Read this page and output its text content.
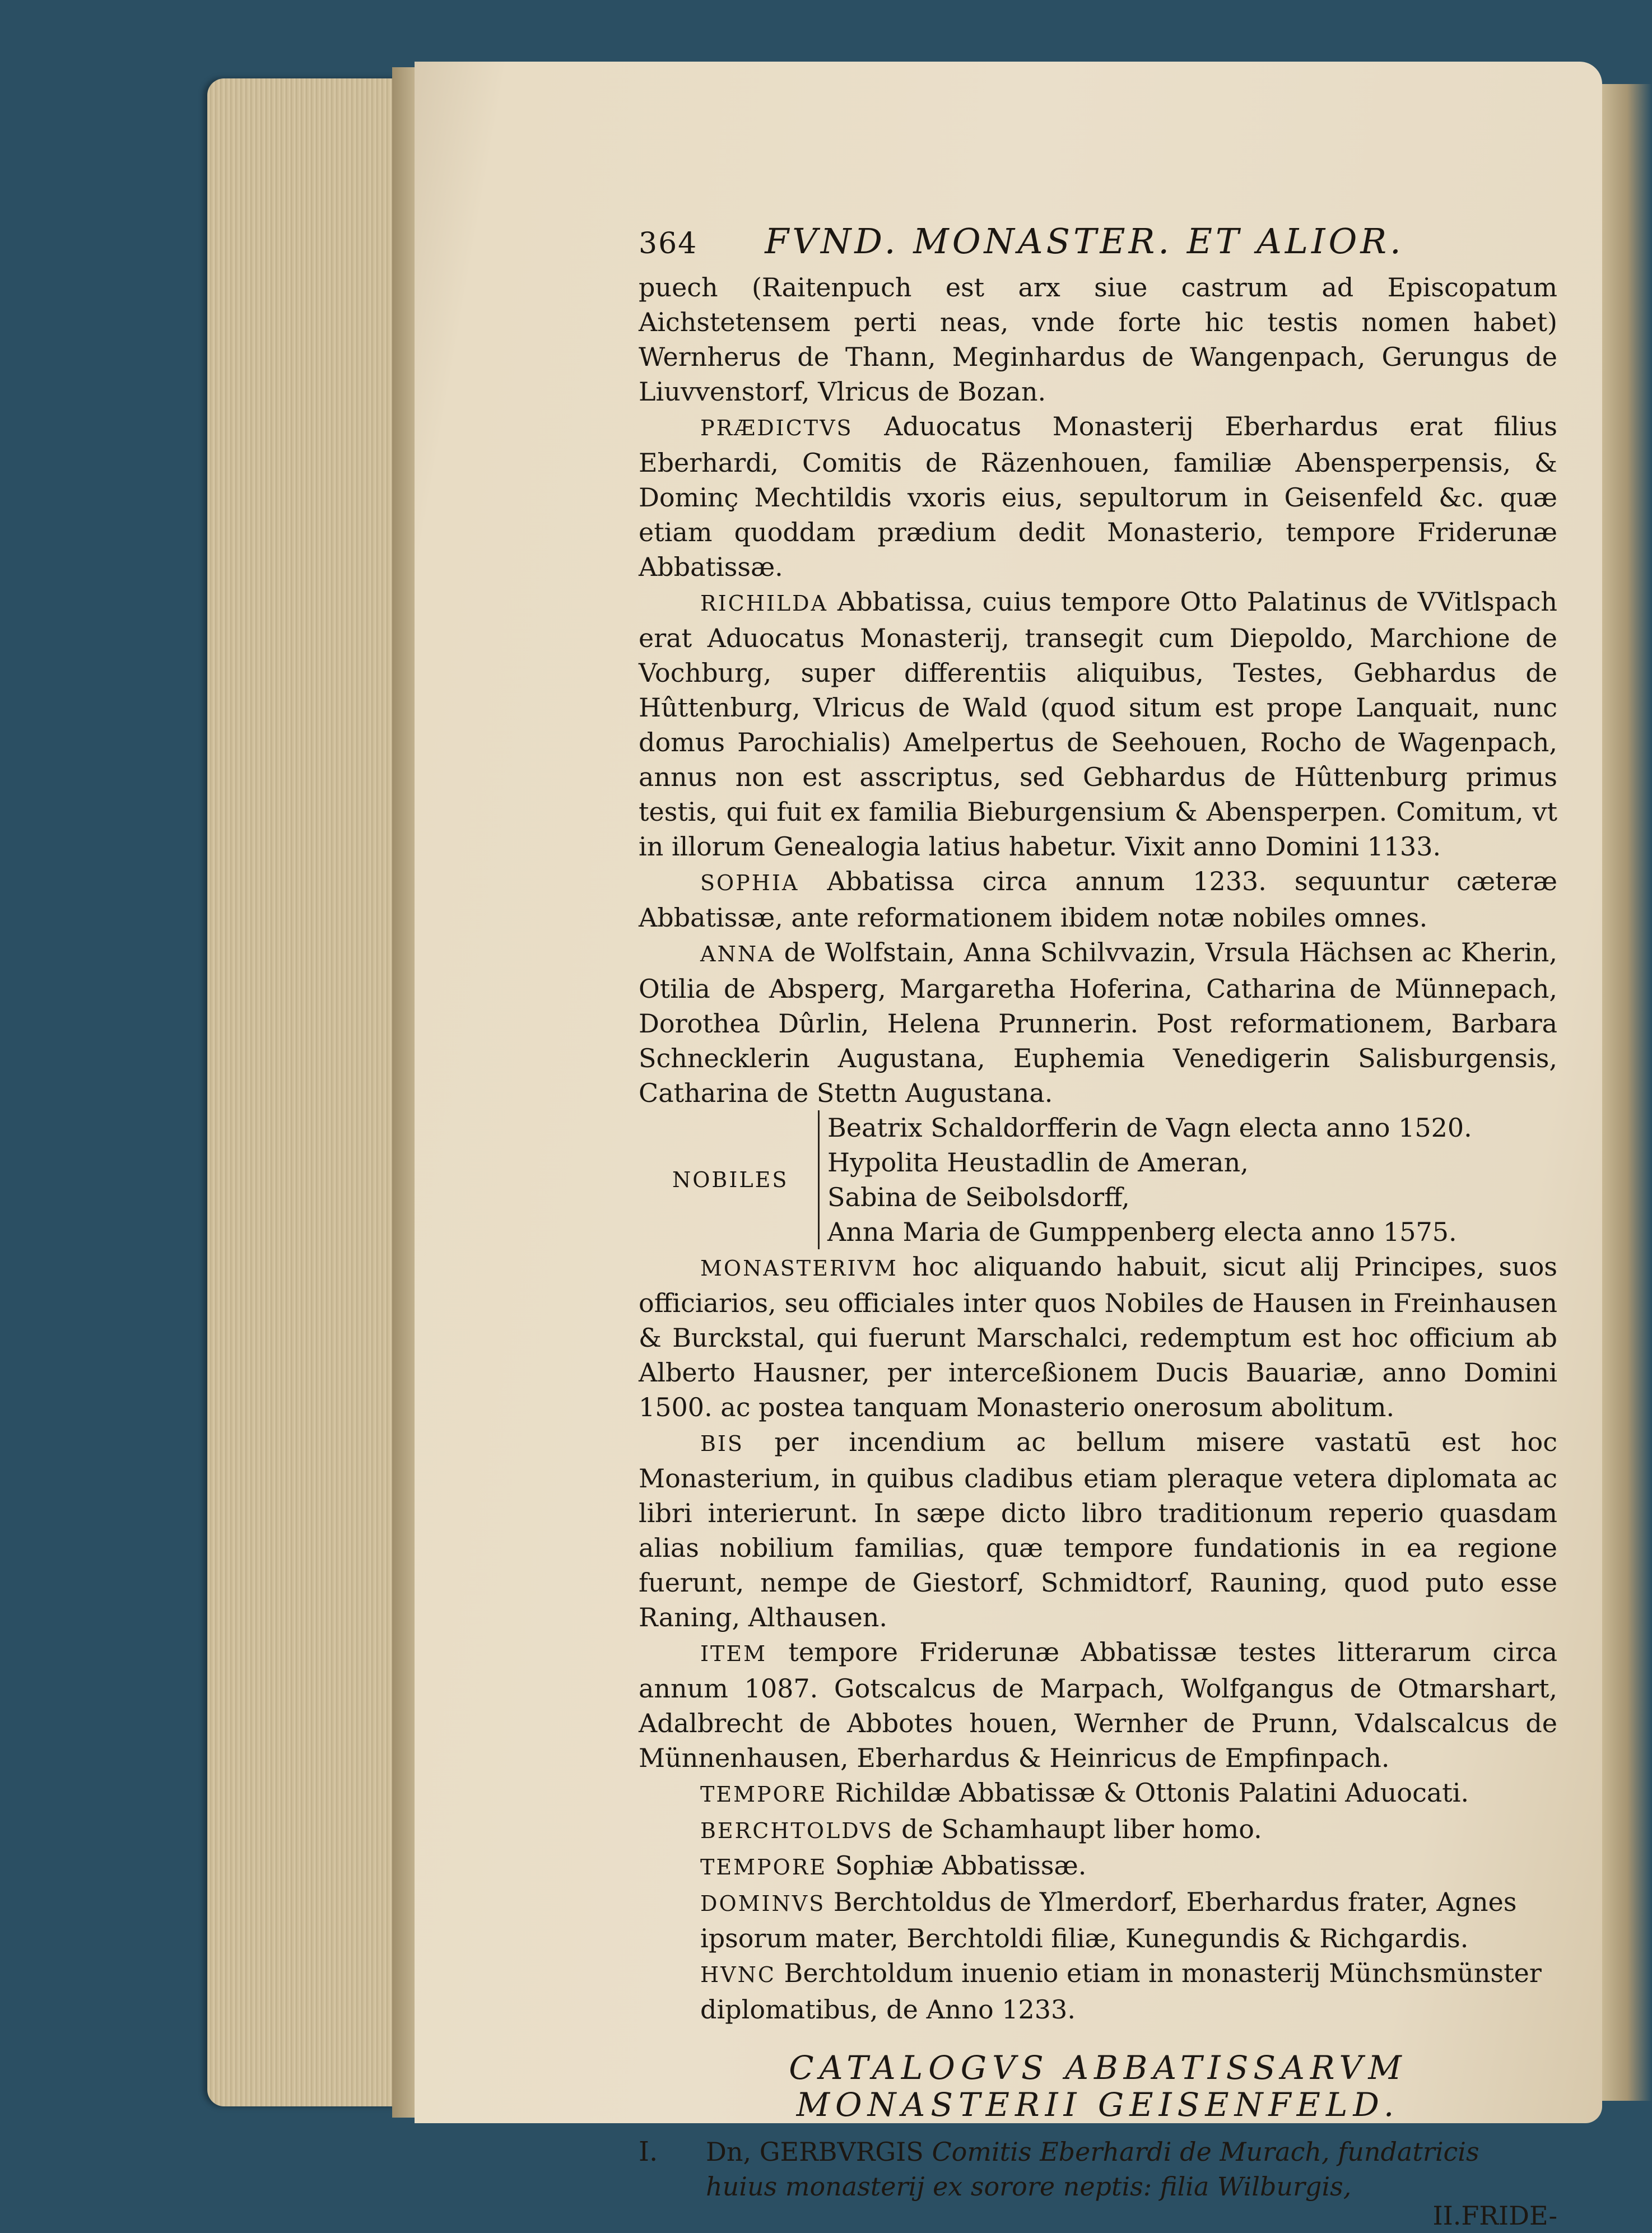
364 FVND. MONASTER. ET ALIOR.

puech (Raitenpuch est arx siue castrum ad Episcopatum Aichstetensem perti neas, vnde forte hic testis nomen habet) Wernherus de Thann, Meginhardus de Wangenpach, Gerungus de Liuvvenstorf, Vlricus de Bozan.

PRÆDICTVS Aduocatus Monasterij Eberhardus erat filius Eberhardi, Comitis de Räzenhouen, familiæ Abensperpensis, & Dominç Mechtildis vxoris eius, sepultorum in Geisenfeld &c. quæ etiam quoddam prædium dedit Monasterio, tempore Friderunæ Abbatissæ.

RICHILDA Abbatissa, cuius tempore Otto Palatinus de VVitlspach erat Aduocatus Monasterij, transegit cum Diepoldo, Marchione de Vochburg, super differentiis aliquibus, Testes, Gebhardus de Hûttenburg, Vlricus de Wald (quod situm est prope Lanquait, nunc domus Parochialis) Amelpertus de Seehouen, Rocho de Wagenpach, annus non est asscriptus, sed Gebhardus de Hûttenburg primus testis, qui fuit ex familia Bieburgensium & Abensperpen. Comitum, vt in illorum Genealogia latius habetur. Vixit anno Domini 1133.

SOPHIA Abbatissa circa annum 1233. sequuntur cæteræ Abbatissæ, ante reformationem ibidem notæ nobiles omnes.

ANNA de Wolfstain, Anna Schilvvazin, Vrsula Hächsen ac Kherin, Otilia de Absperg, Margaretha Hoferina, Catharina de Münnepach, Dorothea Dûrlin, Helena Prunnerin. Post reformationem, Barbara Schnecklerin Augustana, Euphemia Venedigerin Salisburgensis, Catharina de Stettn Augustana.

NOBILES
Beatrix Schaldorfferin de Vagn electa anno 1520.
Hypolita Heustadlin de Ameran,
Sabina de Seibolsdorff,
Anna Maria de Gumppenberg electa anno 1575.

MONASTERIVM hoc aliquando habuit, sicut alij Principes, suos officiarios, seu officiales inter quos Nobiles de Hausen in Freinhausen & Burckstal, qui fuerunt Marschalci, redemptum est hoc officium ab Alberto Hausner, per interceßionem Ducis Bauariæ, anno Domini 1500. ac postea tanquam Monasterio onerosum abolitum.

BIS per incendium ac bellum misere vastatū est hoc Monasterium, in quibus cladibus etiam pleraque vetera diplomata ac libri interierunt. In sæpe dicto libro traditionum reperio quasdam alias nobilium familias, quæ tempore fundationis in ea regione fuerunt, nempe de Giestorf, Schmidtorf, Rauning, quod puto esse Raning, Althausen.

ITEM tempore Friderunæ Abbatissæ testes litterarum circa annum 1087. Gotscalcus de Marpach, Wolfgangus de Otmarshart, Adalbrecht de Abbotes houen, Wernher de Prunn, Vdalscalcus de Münnenhausen, Eberhardus & Heinricus de Empfinpach.

TEMPORE Richildæ Abbatissæ & Ottonis Palatini Aduocati.
BERCHTOLDVS de Schamhaupt liber homo.
TEMPORE Sophiæ Abbatissæ.
DOMINVS Berchtoldus de Ylmerdorf, Eberhardus frater, Agnes ipsorum mater, Berchtoldi filiæ, Kunegundis & Richgardis.
HVNC Berchtoldum inuenio etiam in monasterij Münchsmünster diplomatibus, de Anno 1233.
CATALOGVS ABBATISSARVM MONASTERII GEISENFELD.
I.	Dn, GERBVRGIS Comitis Eberhardi de Murach, fundatricis huius monasterij ex sorore neptis: filia Wilburgis,
II.FRIDE-
